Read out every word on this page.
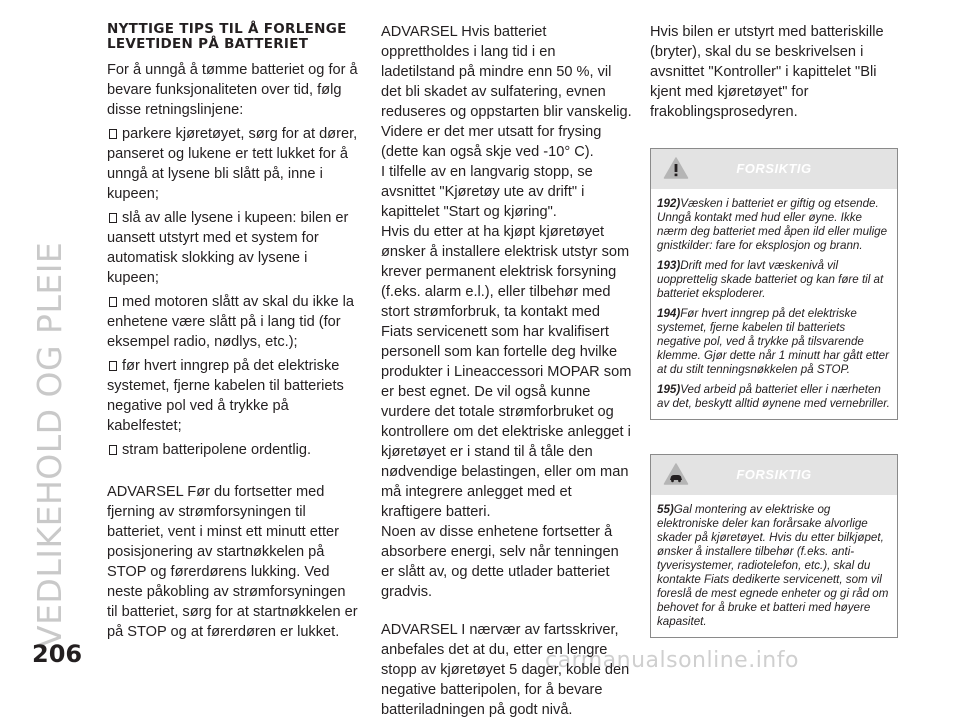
VEDLIKEHOLD OG PLEIE
206	carmanualsonline.info
NYTTIGE TIPS TIL Å FORLENGE LEVETIDEN PÅ BATTERIET

For å unngå å tømme batteriet og for å bevare funksjonaliteten over tid, følg disse retningslinjene:

parkere kjøretøyet, sørg for at dører, panseret og lukene er tett lukket for å unngå at lysene bli slått på, inne i kupeen;

slå av alle lysene i kupeen: bilen er uansett utstyrt med et system for automatisk slokking av lysene i kupeen;

med motoren slått av skal du ikke la enhetene være slått på i lang tid (for eksempel radio, nødlys, etc.);

før hvert inngrep på det elektriske systemet, fjerne kabelen til batteriets negative pol ved å trykke på kabelfestet;

stram batteripolene ordentlig.

ADVARSEL Før du fortsetter med fjerning av strømforsyningen til batteriet, vent i minst ett minutt etter posisjonering av startnøkkelen på STOP og førerdørens lukking. Ved neste påkobling av strømforsyningen til batteriet, sørg for at startnøkkelen er på STOP og at førerdøren er lukket.

ADVARSEL Hvis batteriet opprettholdes i lang tid i en ladetilstand på mindre enn 50 %, vil det bli skadet av sulfatering, evnen reduseres og oppstarten blir vanskelig.

Videre er det mer utsatt for frysing (dette kan også skje ved -10° C).

I tilfelle av en langvarig stopp, se avsnittet "Kjøretøy ute av drift" i kapittelet "Start og kjøring".

Hvis du etter at ha kjøpt kjøretøyet ønsker å installere elektrisk utstyr som krever permanent elektrisk forsyning (f.eks. alarm e.l.), eller tilbehør med stort strømforbruk, ta kontakt med Fiats servicenett som har kvalifisert personell som kan fortelle deg hvilke produkter i Lineaccessori MOPAR som er best egnet. De vil også kunne vurdere det totale strømforbruket og kontrollere om det elektriske anlegget i kjøretøyet er i stand til å tåle den nødvendige belastingen, eller om man må integrere anlegget med et kraftigere batteri.

Noen av disse enhetene fortsetter å absorbere energi, selv når tenningen er slått av, og dette utlader batteriet gradvis.

ADVARSEL I nærvær av fartsskriver, anbefales det at du, etter en lengre stopp av kjøretøyet 5 dager, koble den negative batteripolen, for å bevare batteriladningen på godt nivå.

Hvis bilen er utstyrt med batteriskille (bryter), skal du se beskrivelsen i avsnittet "Kontroller" i kapittelet "Bli kjent med kjøretøyet" for frakoblingsprosedyren.

FORSIKTIG
192)Væsken i batteriet er giftig og etsende. Unngå kontakt med hud eller øyne. Ikke nærm deg batteriet med åpen ild eller mulige gnistkilder: fare for eksplosjon og brann.
193)Drift med for lavt væskenivå vil uopprettelig skade batteriet og kan føre til at batteriet eksploderer.
194)Før hvert inngrep på det elektriske systemet, fjerne kabelen til batteriets negative pol, ved å trykke på tilsvarende klemme. Gjør dette når 1 minutt har gått etter at du stilt tenningsnøkkelen på STOP.
195)Ved arbeid på batteriet eller i nærheten av det, beskytt alltid øynene med vernebriller.
FORSIKTIG
55)Gal montering av elektriske og elektroniske deler kan forårsake alvorlige skader på kjøretøyet. Hvis du etter bilkjøpet, ønsker å installere tilbehør (f.eks. anti-tyverisystemer, radiotelefon, etc.), skal du kontakte Fiats dedikerte servicenett, som vil foreslå de mest egnede enheter og gi råd om behovet for å bruke et batteri med høyere kapasitet.
